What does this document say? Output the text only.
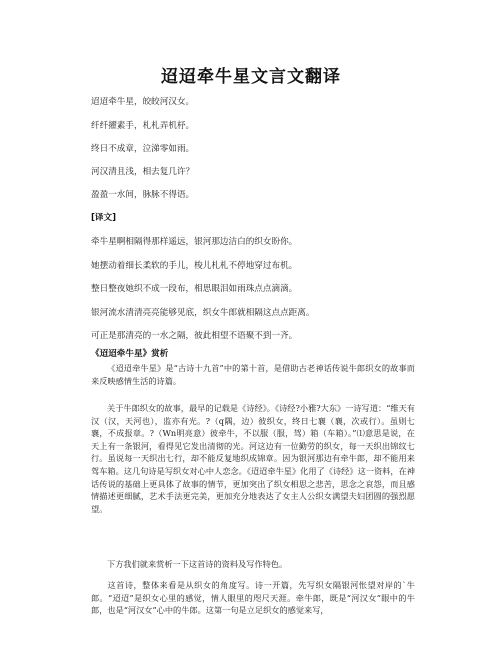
迢迢牵牛星文言文翻译
迢迢牵牛星，皎皎河汉女。
纤纤擢素手，札札弄机杼。
终日不成章，泣涕零如雨。
河汉清且浅，相去复几许？
盈盈一水间，脉脉不得语。
[译文]
牵牛星啊相隔得那样遥远，银河那边洁白的织女盼你。
她摆动着细长柔软的手儿，梭儿札札不停地穿过布机。
整日整夜她织不成一段布，相思眼泪如雨珠点点滴滴。
银河流水清清亮亮能够见底，织女牛郎就相隔这点点距离。
可正是那清亮的一水之隔，彼此相望不语聚不到一齐。
《迢迢牵牛星》赏析
《迢迢牵牛星》是“古诗十九首”中的第十首，是借助古老神话传说牛郎织女的故事而来反映感情生活的诗篇。
关于牛郎织女的故事，最早的记载是《诗经》。《诗经?小雅?大东》一诗写道：“维天有汉（汉，天河也），监亦有光。?（q隅，边）彼织女，终日七襄（襄，次或行）。虽则七襄，不成报章。?（Wn明亮意）彼牵牛，不以服（服，驾）箱（车箱）。”⑴意思是说，在天上有一条银河，看得见它发出清彻的光。河这边有一位勤劳的织女，每一天织出锦纹七行。虽说每一天织出七行，却不能反复地织成锦章。因为银河那边有牵牛郎，却不能用来驾车箱。这几句诗是写织女对心中人恋念。《迢迢牵牛星》化用了《诗经》这一资料，在神话传说的基础上更具体了故事的情节，更加突出了织女相思之悲苦，思念之哀怨，而且感情描述更细腻，艺术手法更完美，更加充分地表达了女主人公织女满望夫妇团圆的强烈愿望。
下方我们就来赏析一下这首诗的资料及写作特色。
这首诗，整体来看是从织女的角度写。诗一开篇，先写织女隔银河怅望对岸的`牛郎。“迢迢”是织女心里的感觉，情人眼里的咫尺天涯。牵牛郎，既是“河汉女”眼中的牛郎，也是“河汉女”心中的牛郎。这第一句是立足织女的感觉来写，
